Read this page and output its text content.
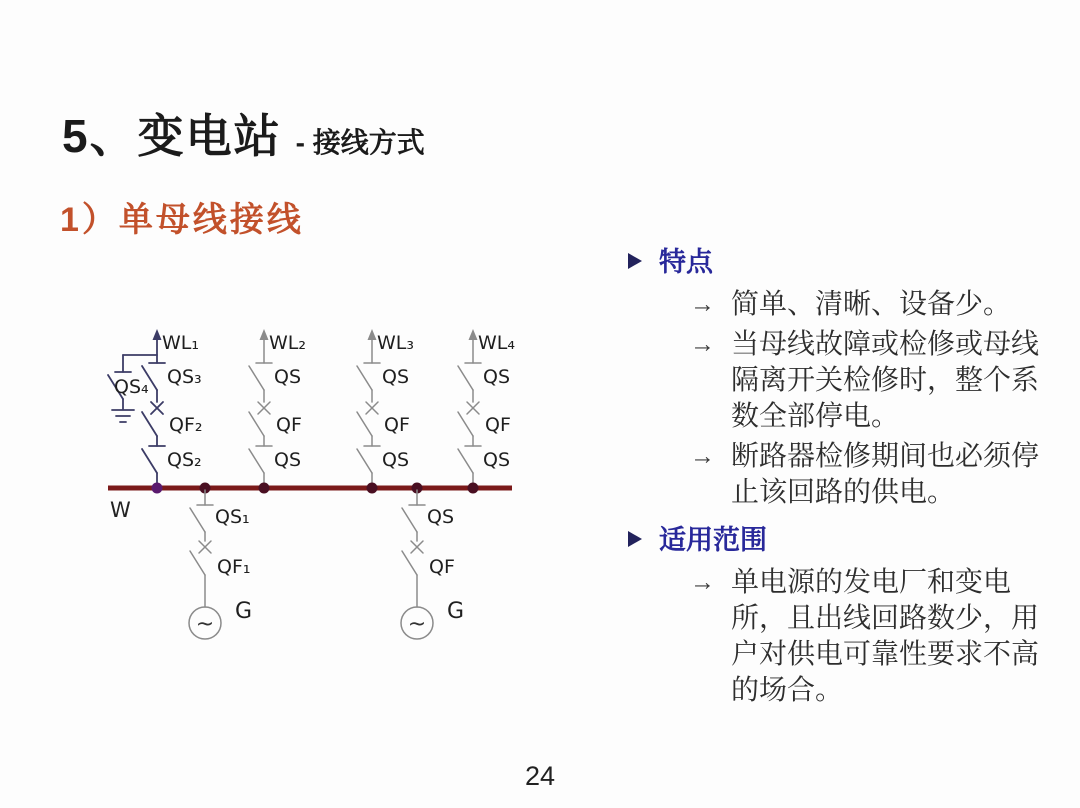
5、变电站 - 接线方式
1）单母线接线
QS₄
WL₁
QS₃
QF₂
QS₂
WL₂
QS
QF
QS
WL₃
QS
QF
QS
WL₄
QS
QF
QS
W
~
QS₁
QF₁
G
~
QS
QF
G
特点
→ 简单、清晰、设备少。
→ 当母线故障或检修或母线隔离开关检修时，整个系数全部停电。
→ 断路器检修期间也必须停止该回路的供电。
适用范围
→ 单电源的发电厂和变电所，且出线回路数少，用户对供电可靠性要求不高的场合。
24
